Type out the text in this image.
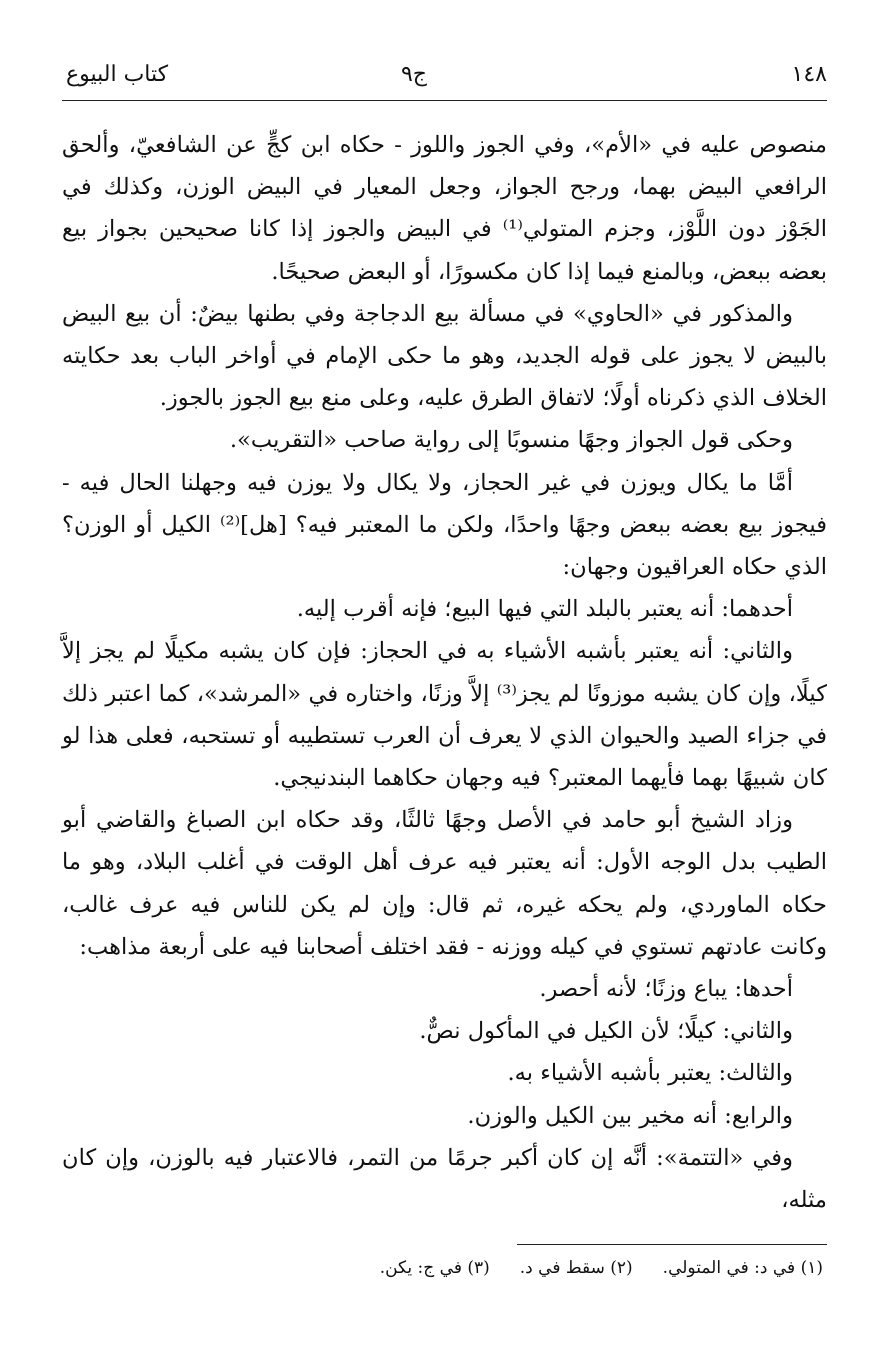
١٤٨
ج٩
كتاب البيوع

منصوص عليه في «الأم»، وفي الجوز واللوز - حكاه ابن كجٍّ عن الشافعيّ، وألحق الرافعي البيض بهما، ورجح الجواز، وجعل المعيار في البيض الوزن، وكذلك في الجَوْز دون اللَّوْز، وجزم المتولي⁽¹⁾ في البيض والجوز إذا كانا صحيحين بجواز بيع بعضه ببعض، وبالمنع فيما إذا كان مكسورًا، أو البعض صحيحًا.

والمذكور في «الحاوي» في مسألة بيع الدجاجة وفي بطنها بيضٌ: أن بيع البيض بالبيض لا يجوز على قوله الجديد، وهو ما حكى الإمام في أواخر الباب بعد حكايته الخلاف الذي ذكرناه أولًا؛ لاتفاق الطرق عليه، وعلى منع بيع الجوز بالجوز.

وحكى قول الجواز وجهًا منسوبًا إلى رواية صاحب «التقريب».

أمَّا ما يكال ويوزن في غير الحجاز، ولا يكال ولا يوزن فيه وجهلنا الحال فيه - فيجوز بيع بعضه ببعض وجهًا واحدًا، ولكن ما المعتبر فيه؟ [هل]⁽²⁾ الكيل أو الوزن؟ الذي حكاه العراقيون وجهان:

أحدهما: أنه يعتبر بالبلد التي فيها البيع؛ فإنه أقرب إليه.

والثاني: أنه يعتبر بأشبه الأشياء به في الحجاز: فإن كان يشبه مكيلًا لم يجز إلاَّ كيلًا، وإن كان يشبه موزونًا لم يجز⁽³⁾ إلاَّ وزنًا، واختاره في «المرشد»، كما اعتبر ذلك في جزاء الصيد والحيوان الذي لا يعرف أن العرب تستطيبه أو تستحبه، فعلى هذا لو كان شبيهًا بهما فأيهما المعتبر؟ فيه وجهان حكاهما البندنيجي.

وزاد الشيخ أبو حامد في الأصل وجهًا ثالثًا، وقد حكاه ابن الصباغ والقاضي أبو الطيب بدل الوجه الأول: أنه يعتبر فيه عرف أهل الوقت في أغلب البلاد، وهو ما حكاه الماوردي، ولم يحكه غيره، ثم قال: وإن لم يكن للناس فيه عرف غالب، وكانت عادتهم تستوي في كيله ووزنه - فقد اختلف أصحابنا فيه على أربعة مذاهب:

أحدها: يباع وزنًا؛ لأنه أحصر.

والثاني: كيلًا؛ لأن الكيل في المأكول نصٌّ.

والثالث: يعتبر بأشبه الأشياء به.

والرابع: أنه مخير بين الكيل والوزن.

وفي «التتمة»: أنَّه إن كان أكبر جرمًا من التمر، فالاعتبار فيه بالوزن، وإن كان مثله،

(١) في د: في المتولي.
(٢) سقط في د.
(٣) في ج: يكن.
